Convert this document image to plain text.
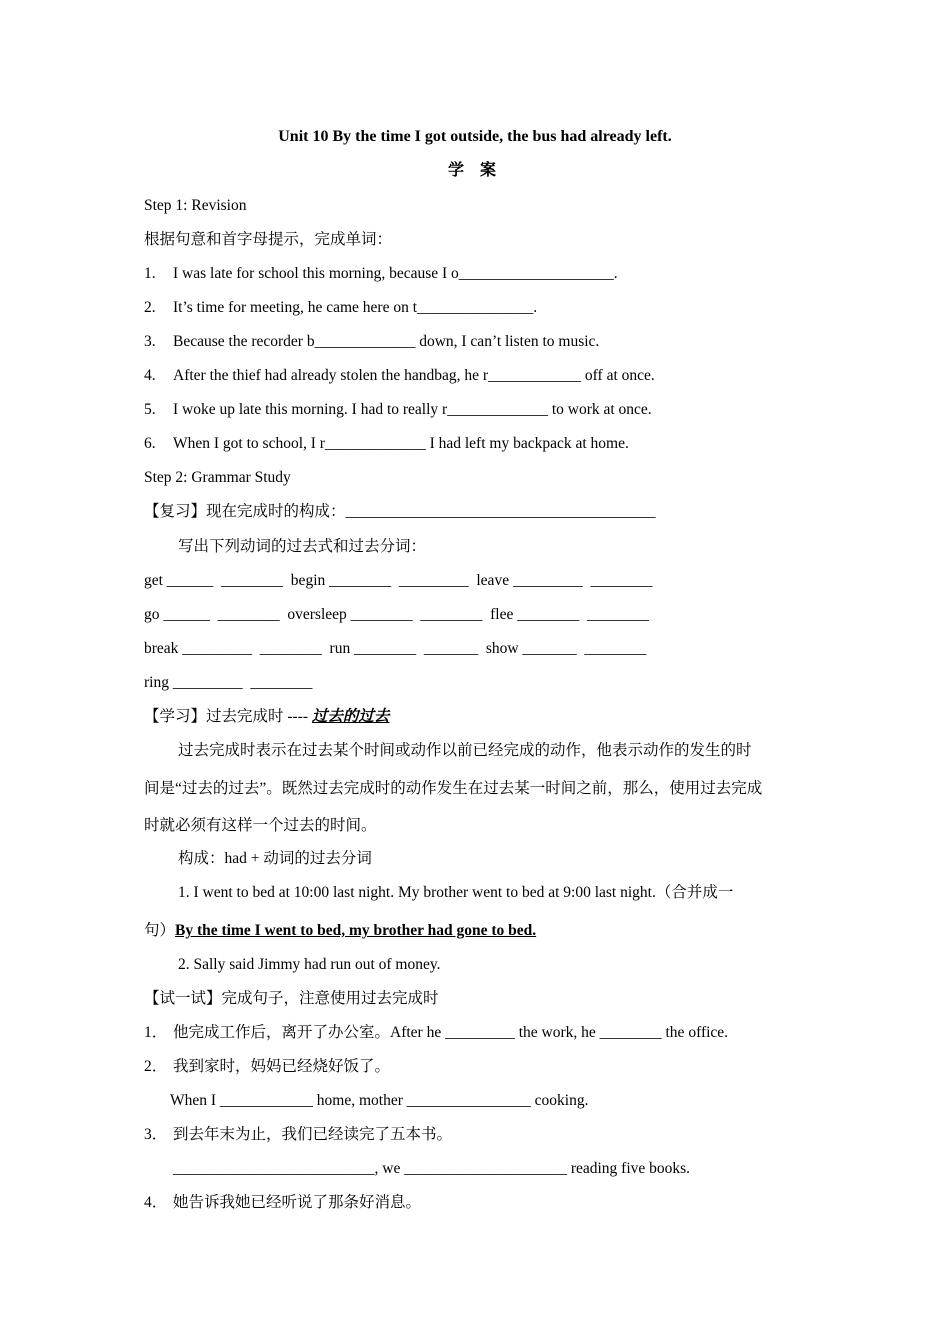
Unit 10 By the time I got outside, the bus had already left.
学 案
Step 1: Revision
根据句意和首字母提示，完成单词：
1. I was late for school this morning, because I o____________________.
2. It’s time for meeting, he came here on t_______________.
3. Because the recorder b_____________ down, I can’t listen to music.
4. After the thief had already stolen the handbag, he r____________ off at once.
5. I woke up late this morning. I had to really r_____________ to work at once.
6. When I got to school, I r_____________ I had left my backpack at home.
Step 2: Grammar Study
【复习】现在完成时的构成：________________________________________
写出下列动词的过去式和过去分词：
get ______  ________  begin ________  _________  leave _________  ________
go ______  ________  oversleep ________  ________  flee ________  ________
break _________  ________  run ________  _______  show _______  ________
ring _________  ________
【学习】过去完成时 ---- 过去的过去
过去完成时表示在过去某个时间或动作以前已经完成的动作，他表示动作的发生的时
间是“过去的过去”。既然过去完成时的动作发生在过去某一时间之前，那么，使用过去完成
时就必须有这样一个过去的时间。
构成：had + 动词的过去分词
1. I went to bed at 10:00 last night. My brother went to bed at 9:00 last night.（合并成一
句）By the time I went to bed, my brother had gone to bed.
2. Sally said Jimmy had run out of money.
【试一试】完成句子，注意使用过去完成时
1． 他完成工作后，离开了办公室。After he _________ the work, he ________ the office.
2． 我到家时，妈妈已经烧好饭了。
When I ____________ home, mother ________________ cooking.
3． 到去年末为止，我们已经读完了五本书。
__________________________, we _____________________ reading five books.
4． 她告诉我她已经听说了那条好消息。
